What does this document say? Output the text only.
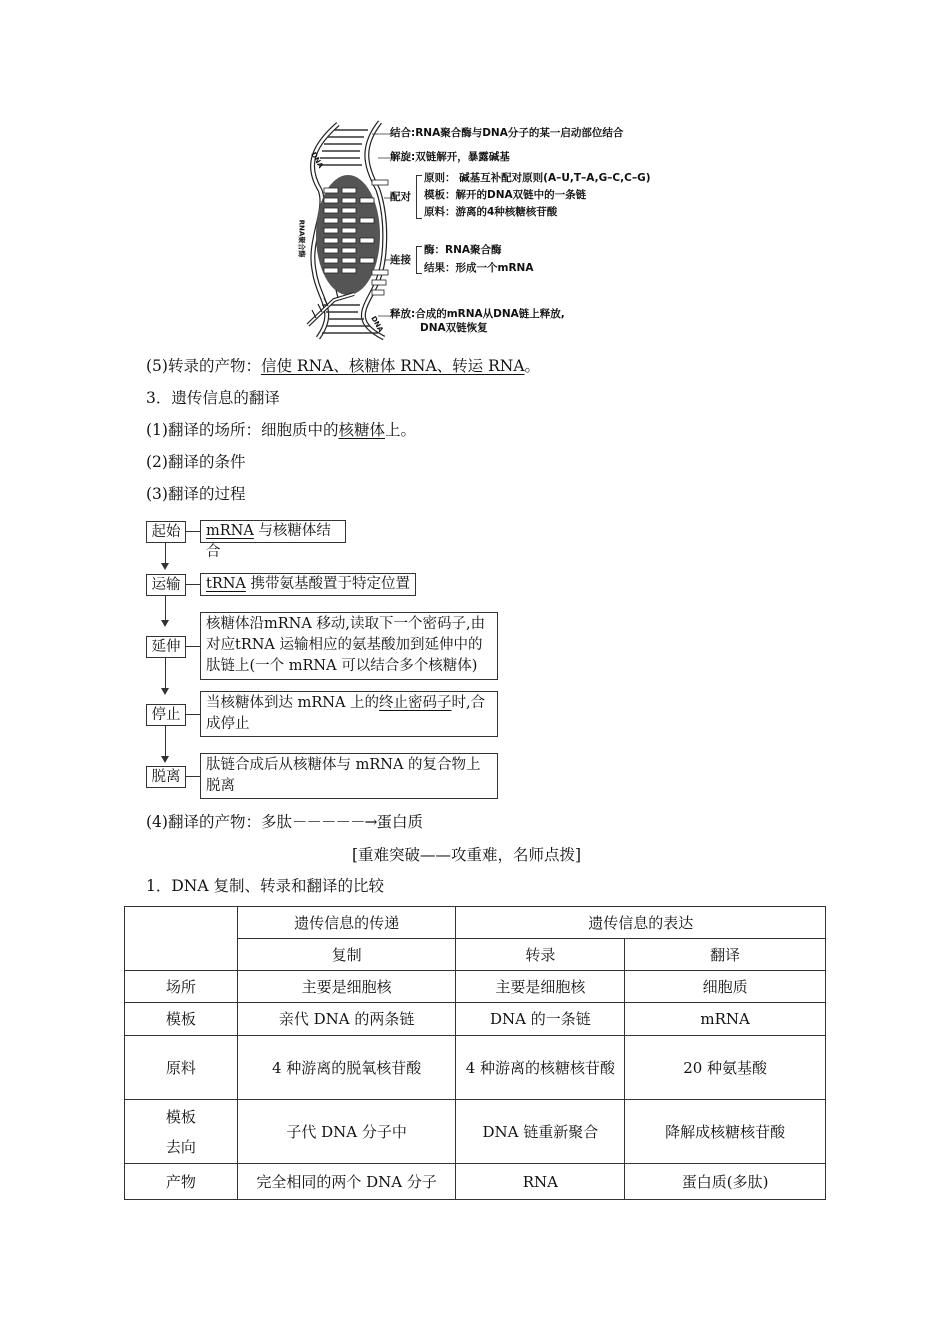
DNA
RNA聚合酶
DNA
结合:RNA聚合酶与DNA分子的某一启动部位结合
解旋:双链解开，暴露碱基
配对
原则： 碱基互补配对原则(A–U,T–A,G–C,C–G)
模板：解开的DNA双链中的一条链
原料：游离的4种核糖核苷酸
连接
酶：RNA聚合酶
结果：形成一个mRNA
释放:合成的mRNA从DNA链上释放,
DNA双链恢复
(5)转录的产物：信使 RNA、核糖体 RNA、转运 RNA。
3．遗传信息的翻译
(1)翻译的场所：细胞质中的核糖体上。
(2)翻译的条件
(3)翻译的过程
起始	mRNA 与核糖体结合
运输	tRNA 携带氨基酸置于特定位置
延伸
核糖体沿mRNA 移动,读取下一个密码子,由对应tRNA 运输相应的氨基酸加到延伸中的肽链上(一个 mRNA 可以结合多个核糖体)
停止
当核糖体到达 mRNA 上的终止密码子时,合成停止
脱离
肽链合成后从核糖体与 mRNA 的复合物上脱离
(4)翻译的产物：多肽－－－－－→蛋白质
[重难突破——攻重难，名师点拨]
1．DNA 复制、转录和翻译的比较
	遗传信息的传递	遗传信息的表达	
	复制	转录	翻译
场所	主要是细胞核	主要是细胞核	细胞质
模板	亲代 DNA 的两条链	DNA 的一条链	mRNA
原料	4 种游离的脱氧核苷酸	4 种游离的核糖核苷酸	20 种氨基酸
模板
去向	子代 DNA 分子中	DNA 链重新聚合	降解成核糖核苷酸
产物	完全相同的两个 DNA 分子	RNA	蛋白质(多肽)
